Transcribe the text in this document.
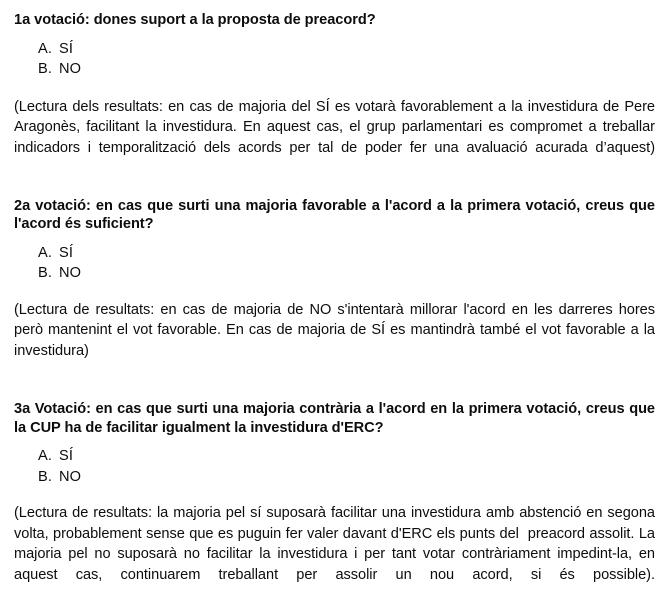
1a votació: dones suport a la proposta de preacord?

A. SÍ
B. NO

(Lectura dels resultats: en cas de majoria del SÍ es votarà favorablement a la investidura de Pere Aragonès, facilitant la investidura. En aquest cas, el grup parlamentari es compromet a treballar indicadors i temporalització dels acords per tal de poder fer una avaluació acurada d’aquest)

2a votació: en cas que surti una majoria favorable a l'acord a la primera votació, creus que l'acord és suficient?

A. SÍ
B. NO

(Lectura de resultats: en cas de majoria de NO s'intentarà millorar l'acord en les darreres hores però mantenint el vot favorable. En cas de majoria de SÍ es mantindrà també el vot favorable a la investidura)

3a Votació: en cas que surti una majoria contrària a l'acord en la primera votació, creus que la CUP ha de facilitar igualment la investidura d'ERC?

A. SÍ
B. NO

(Lectura de resultats: la majoria pel sí suposarà facilitar una investidura amb abstenció en segona volta, probablement sense que es puguin fer valer davant d'ERC els punts del  preacord assolit. La majoria pel no suposarà no facilitar la investidura i per tant votar contràriament impedint-la, en aquest cas, continuarem treballant per assolir un nou acord, si és possible).
